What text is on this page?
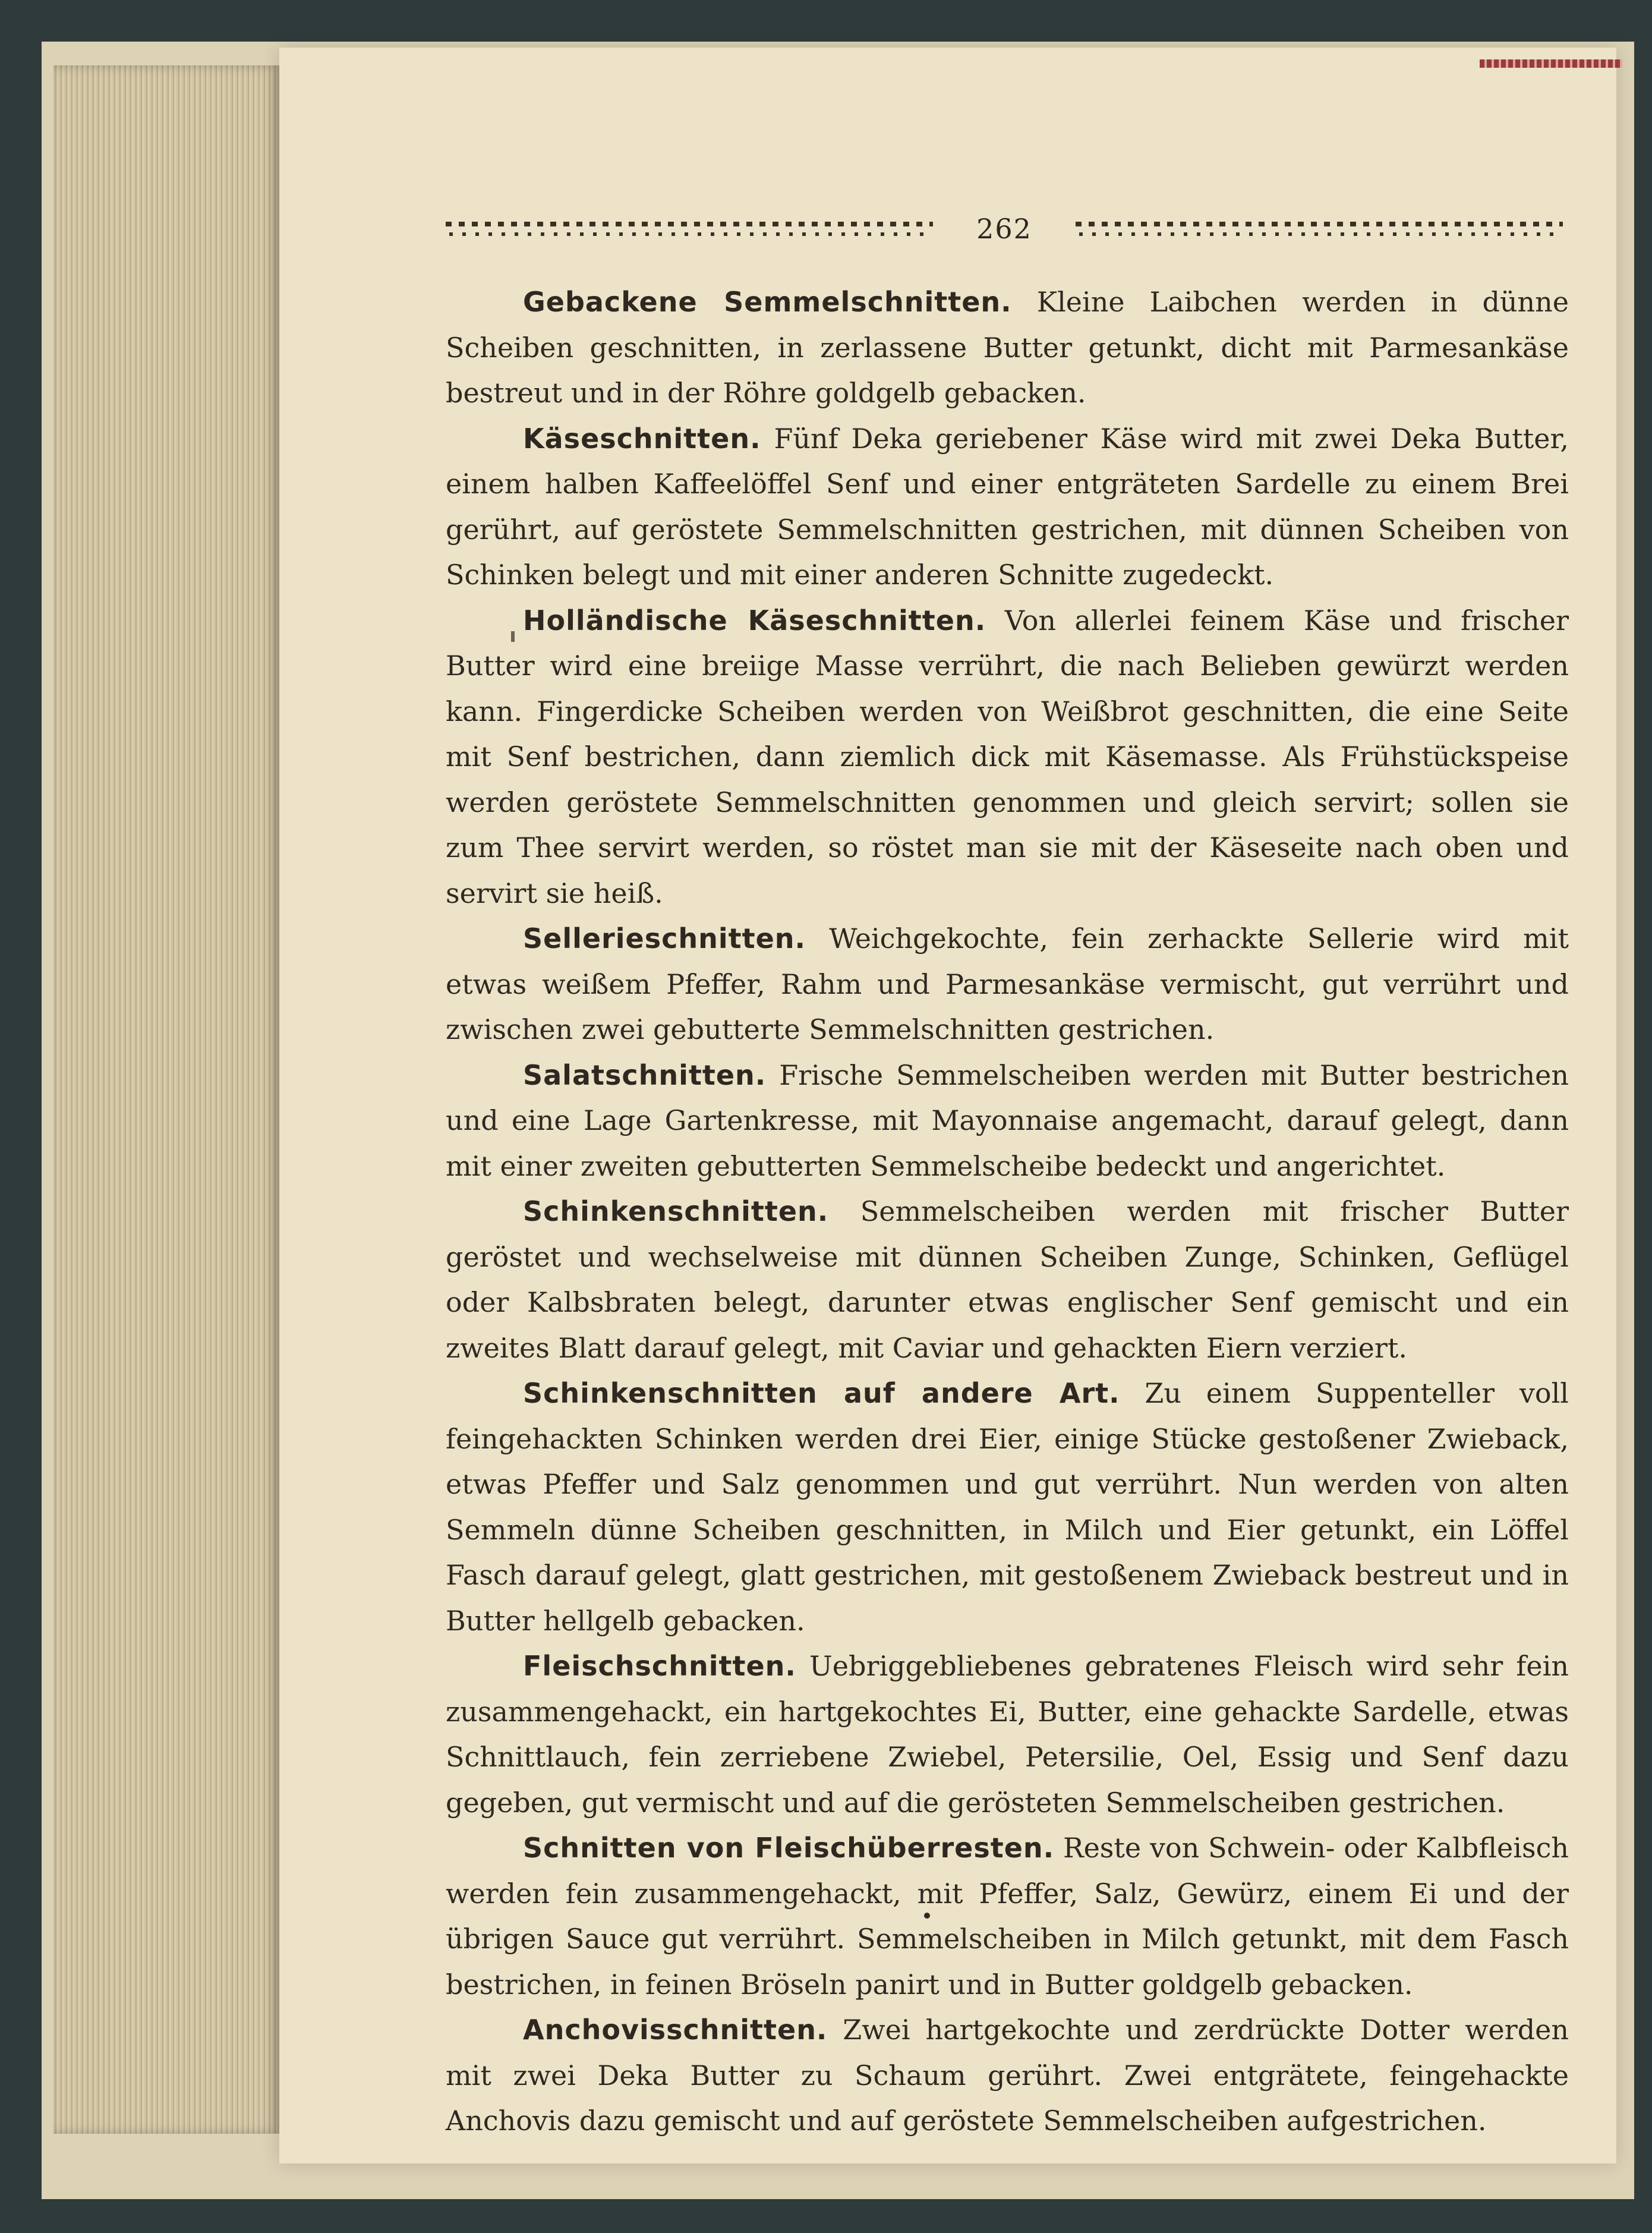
262

Gebackene Semmelschnitten. Kleine Laibchen werden in dünne Scheiben geschnitten, in zerlassene Butter getunkt, dicht mit Parmesankäse bestreut und in der Röhre goldgelb gebacken.

Käseschnitten. Fünf Deka geriebener Käse wird mit zwei Deka Butter, einem halben Kaffeelöffel Senf und einer entgräteten Sardelle zu einem Brei gerührt, auf geröstete Semmelschnitten gestrichen, mit dünnen Scheiben von Schinken belegt und mit einer anderen Schnitte zugedeckt.

Holländische Käseschnitten. Von allerlei feinem Käse und frischer Butter wird eine breiige Masse verrührt, die nach Belieben gewürzt werden kann. Fingerdicke Scheiben werden von Weißbrot geschnitten, die eine Seite mit Senf bestrichen, dann ziemlich dick mit Käsemasse. Als Frühstückspeise werden geröstete Semmelschnitten genommen und gleich servirt; sollen sie zum Thee servirt werden, so röstet man sie mit der Käseseite nach oben und servirt sie heiß.

Sellerieschnitten. Weichgekochte, fein zerhackte Sellerie wird mit etwas weißem Pfeffer, Rahm und Parmesankäse vermischt, gut verrührt und zwischen zwei gebutterte Semmelschnitten gestrichen.

Salatschnitten. Frische Semmelscheiben werden mit Butter bestrichen und eine Lage Gartenkresse, mit Mayonnaise angemacht, darauf gelegt, dann mit einer zweiten gebutterten Semmelscheibe bedeckt und angerichtet.

Schinkenschnitten. Semmelscheiben werden mit frischer Butter geröstet und wechselweise mit dünnen Scheiben Zunge, Schinken, Geflügel oder Kalbsbraten belegt, darunter etwas englischer Senf gemischt und ein zweites Blatt darauf gelegt, mit Caviar und gehackten Eiern verziert.

Schinkenschnitten auf andere Art. Zu einem Suppenteller voll feingehackten Schinken werden drei Eier, einige Stücke gestoßener Zwieback, etwas Pfeffer und Salz genommen und gut verrührt. Nun werden von alten Semmeln dünne Scheiben geschnitten, in Milch und Eier getunkt, ein Löffel Fasch darauf gelegt, glatt gestrichen, mit gestoßenem Zwieback bestreut und in Butter hellgelb gebacken.

Fleischschnitten. Uebriggebliebenes gebratenes Fleisch wird sehr fein zusammengehackt, ein hartgekochtes Ei, Butter, eine gehackte Sardelle, etwas Schnittlauch, fein zerriebene Zwiebel, Petersilie, Oel, Essig und Senf dazu gegeben, gut vermischt und auf die gerösteten Semmelscheiben gestrichen.

Schnitten von Fleischüberresten. Reste von Schwein- oder Kalbfleisch werden fein zusammengehackt, mit Pfeffer, Salz, Gewürz, einem Ei und der übrigen Sauce gut verrührt. Semmelscheiben in Milch getunkt, mit dem Fasch bestrichen, in feinen Bröseln panirt und in Butter goldgelb gebacken.

Anchovisschnitten. Zwei hartgekochte und zerdrückte Dotter werden mit zwei Deka Butter zu Schaum gerührt. Zwei entgrätete, feingehackte Anchovis dazu gemischt und auf geröstete Semmelscheiben aufgestrichen.
